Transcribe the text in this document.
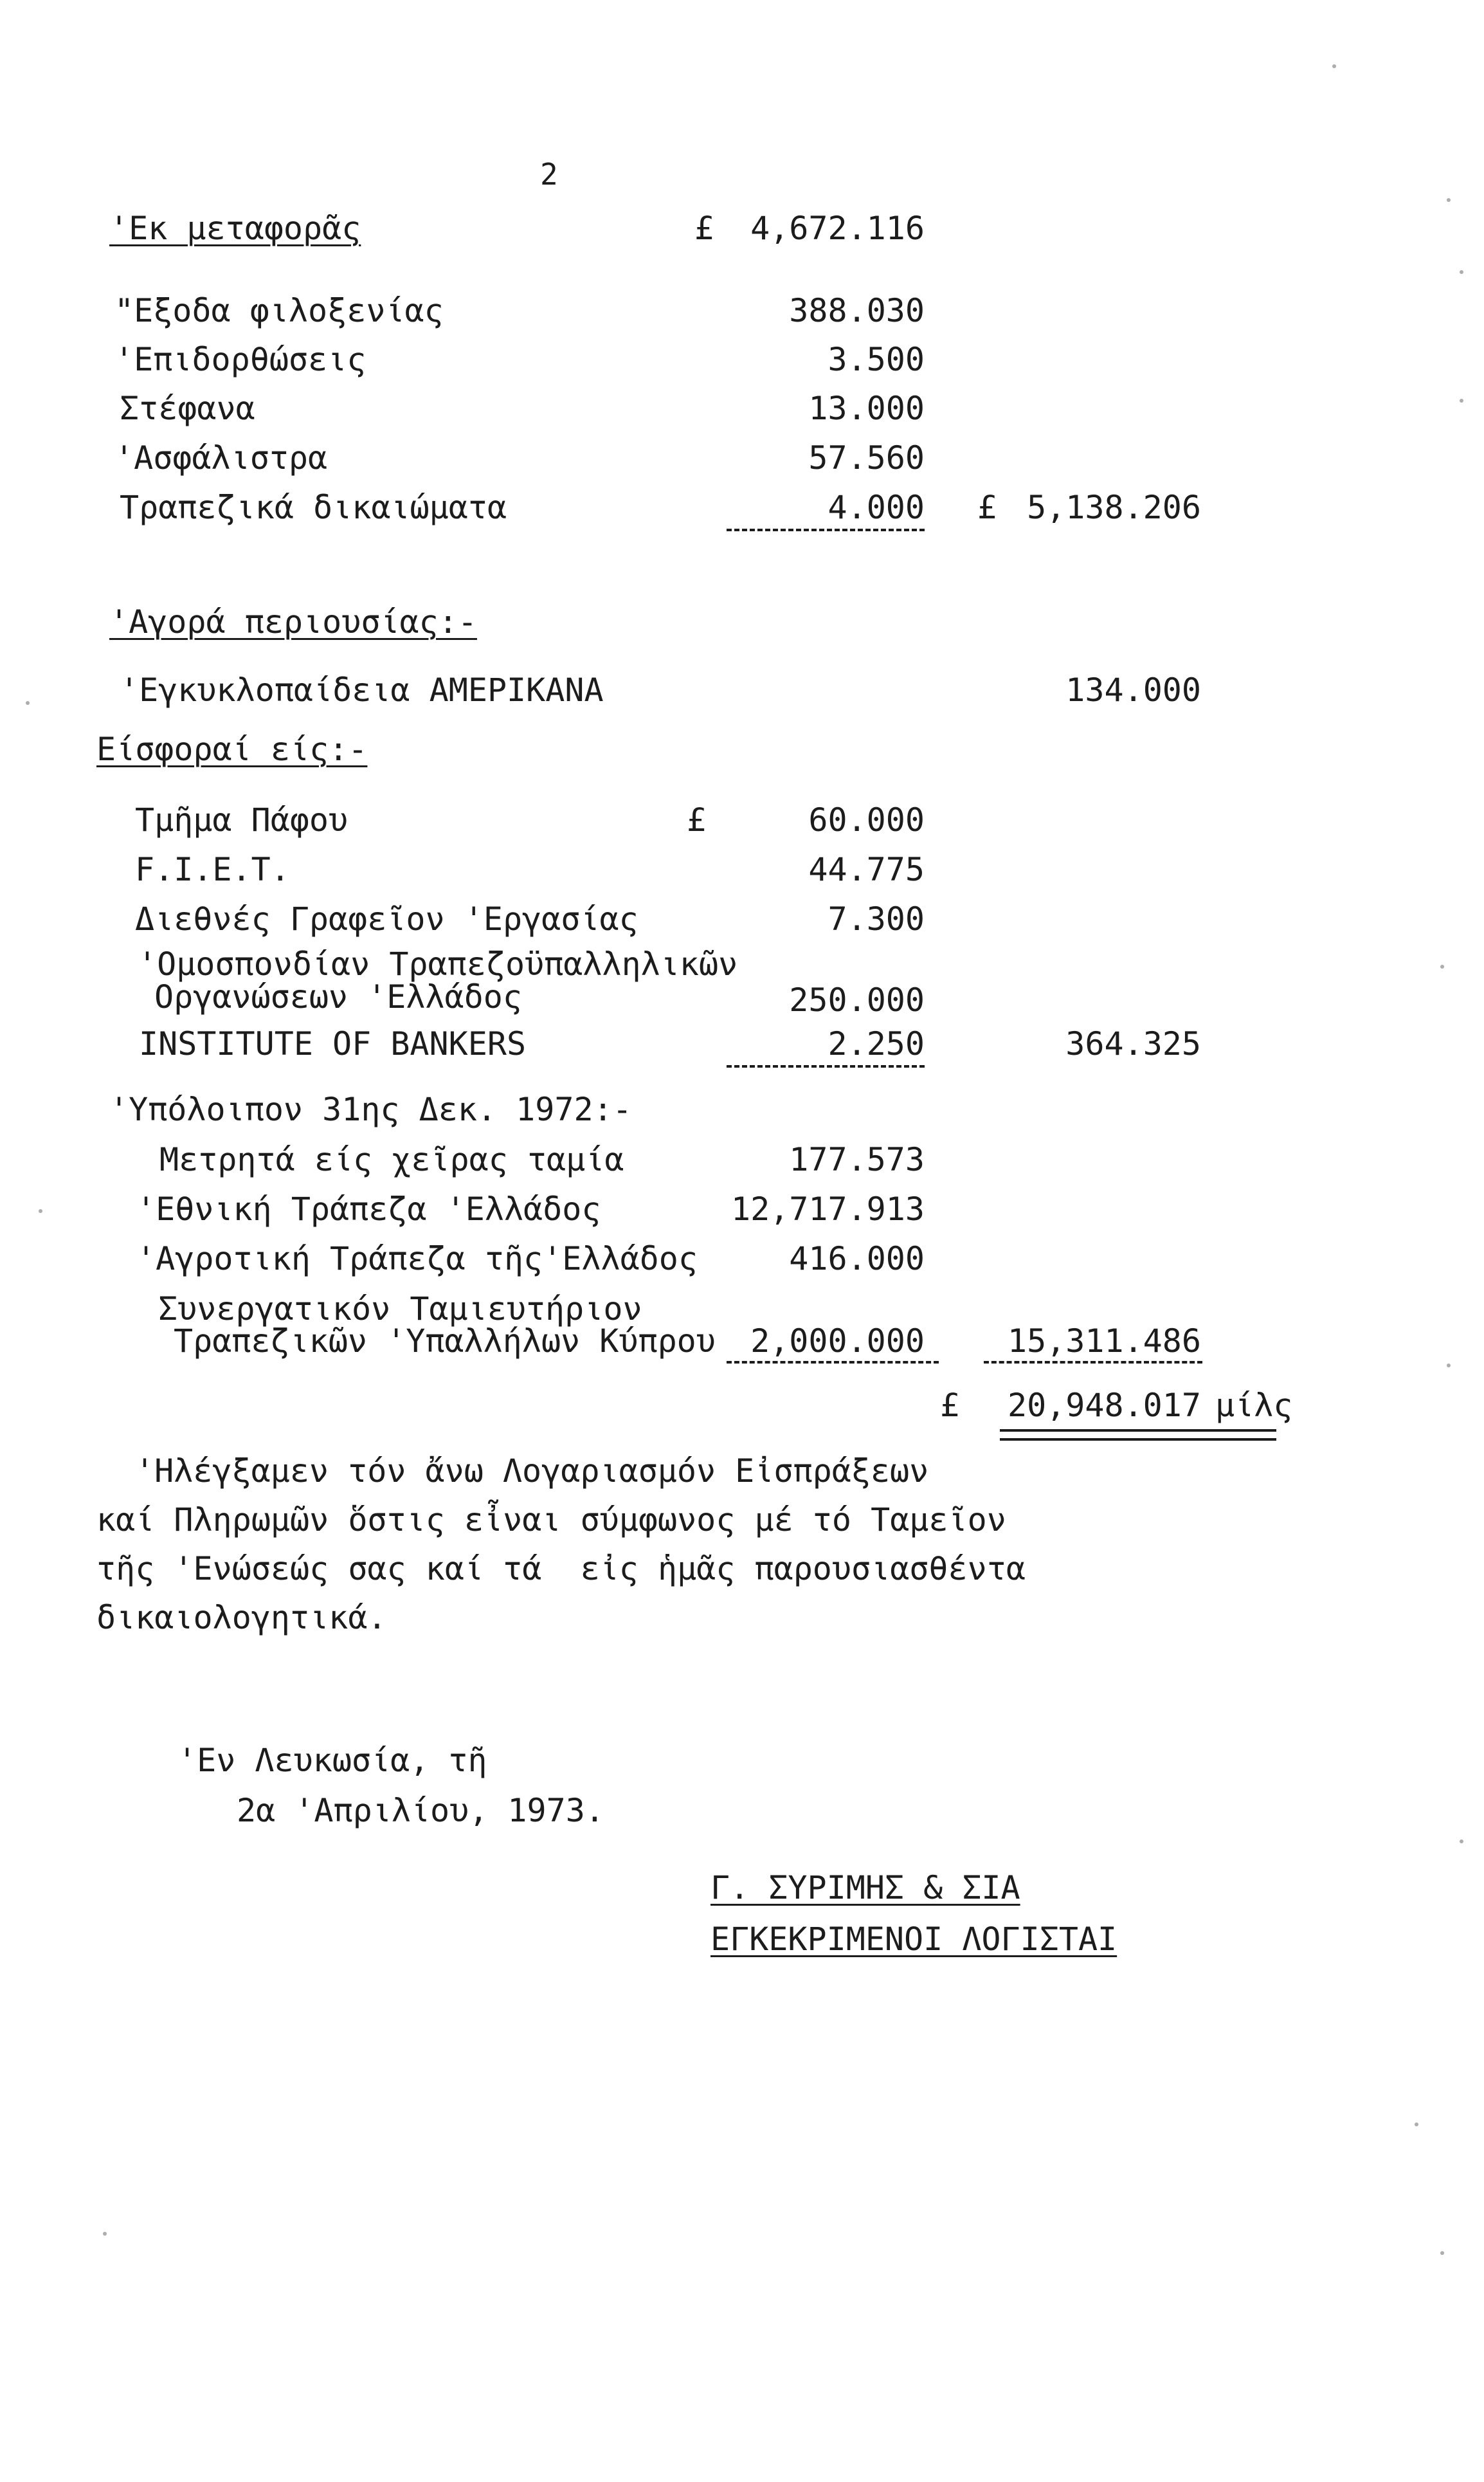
2
'Εκ μεταφορᾶς	£ 4,672.116
"Εξοδα φιλοξενίας	388.030
'Επιδορθώσεις	3.500
Στέφανα	13.000
'Ασφάλιστρα	57.560
Τραπεζικά δικαιώματα	4.000 £ 5,138.206
'Αγορά περιουσίας:-
'Εγκυκλοπαίδεια ΑΜΕΡΙΚΑΝΑ	134.000
Είσφοραί είς:-
£
Τμῆμα Πάφου	60.000
F.I.E.T.	44.775
Διεθνές Γραφεῖον 'Εργασίας	7.300
'Ομοσπονδίαν Τραπεζοϋπαλληλικῶν
Οργανώσεων 'Ελλάδος	250.000
INSTITUTE OF BANKERS	2.250	364.325
'Υπόλοιπον 31ης Δεκ. 1972:-
Μετρητά είς χεῖρας ταμία	177.573
'Εθνική Τράπεζα 'Ελλάδος	12,717.913
'Αγροτική Τράπεζα τῆς'Ελλάδος	416.000
Συνεργατικόν Ταμιευτήριον
Τραπεζικῶν 'Υπαλλήλων Κύπρου 2,000.000	15,311.486
£ 20,948.017 μίλς
'Ηλέγξαμεν τόν ἄνω Λογαριασμόν Εἰσπράξεων
καί Πληρωμῶν ὅστις εἶναι σύμφωνος μέ τό Ταμεῖον
τῆς 'Ενώσεώς σας καί τά  εἰς ἡμᾶς παρουσιασθέντα
δικαιολογητικά.
'Εν Λευκωσία, τῆ
2α 'Απριλίου, 1973.
Γ. ΣΥΡΙΜΗΣ & ΣΙΑ
ΕΓΚΕΚΡΙΜΕΝΟΙ ΛΟΓΙΣΤΑΙ
